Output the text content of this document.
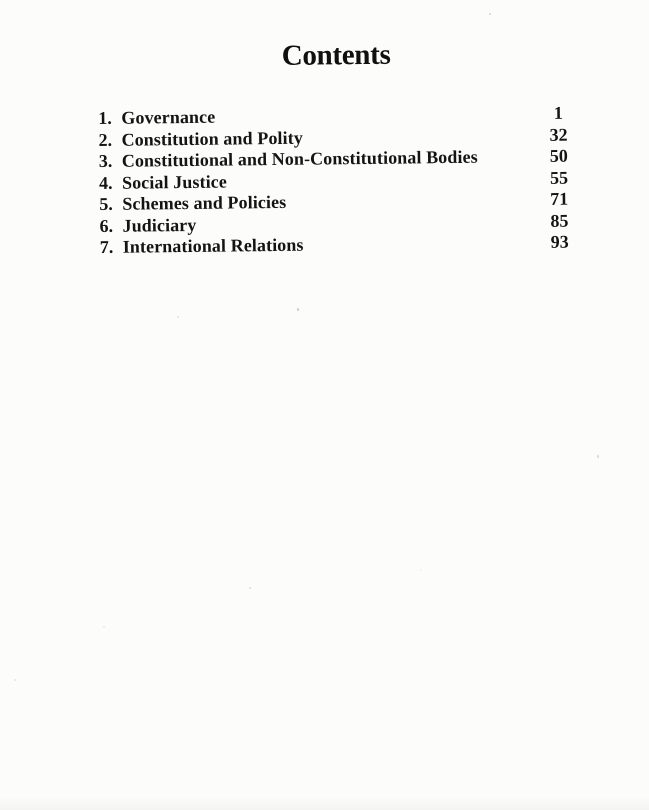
Contents
1. Governance	1
2. Constitution and Polity	32
3. Constitutional and Non-Constitutional Bodies	50
4. Social Justice	55
5. Schemes and Policies	71
6. Judiciary	85
7. International Relations	93
